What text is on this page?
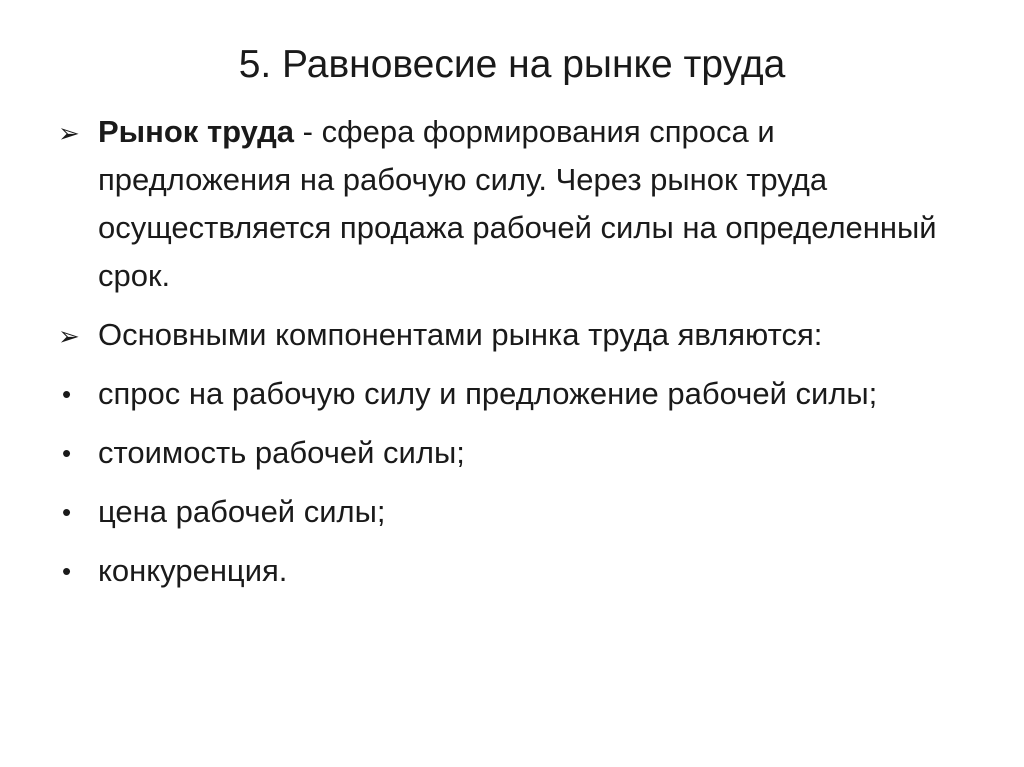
5. Равновесие на рынке труда

➢ Рынок труда - сфера формирования спроса и предложения на рабочую силу. Через рынок труда осуществляется продажа рабочей силы на определенный срок.

➢ Основными компонентами рынка труда являются:

• спрос на рабочую силу и предложение рабочей силы;

• стоимость рабочей силы;

• цена рабочей силы;

• конкуренция.
